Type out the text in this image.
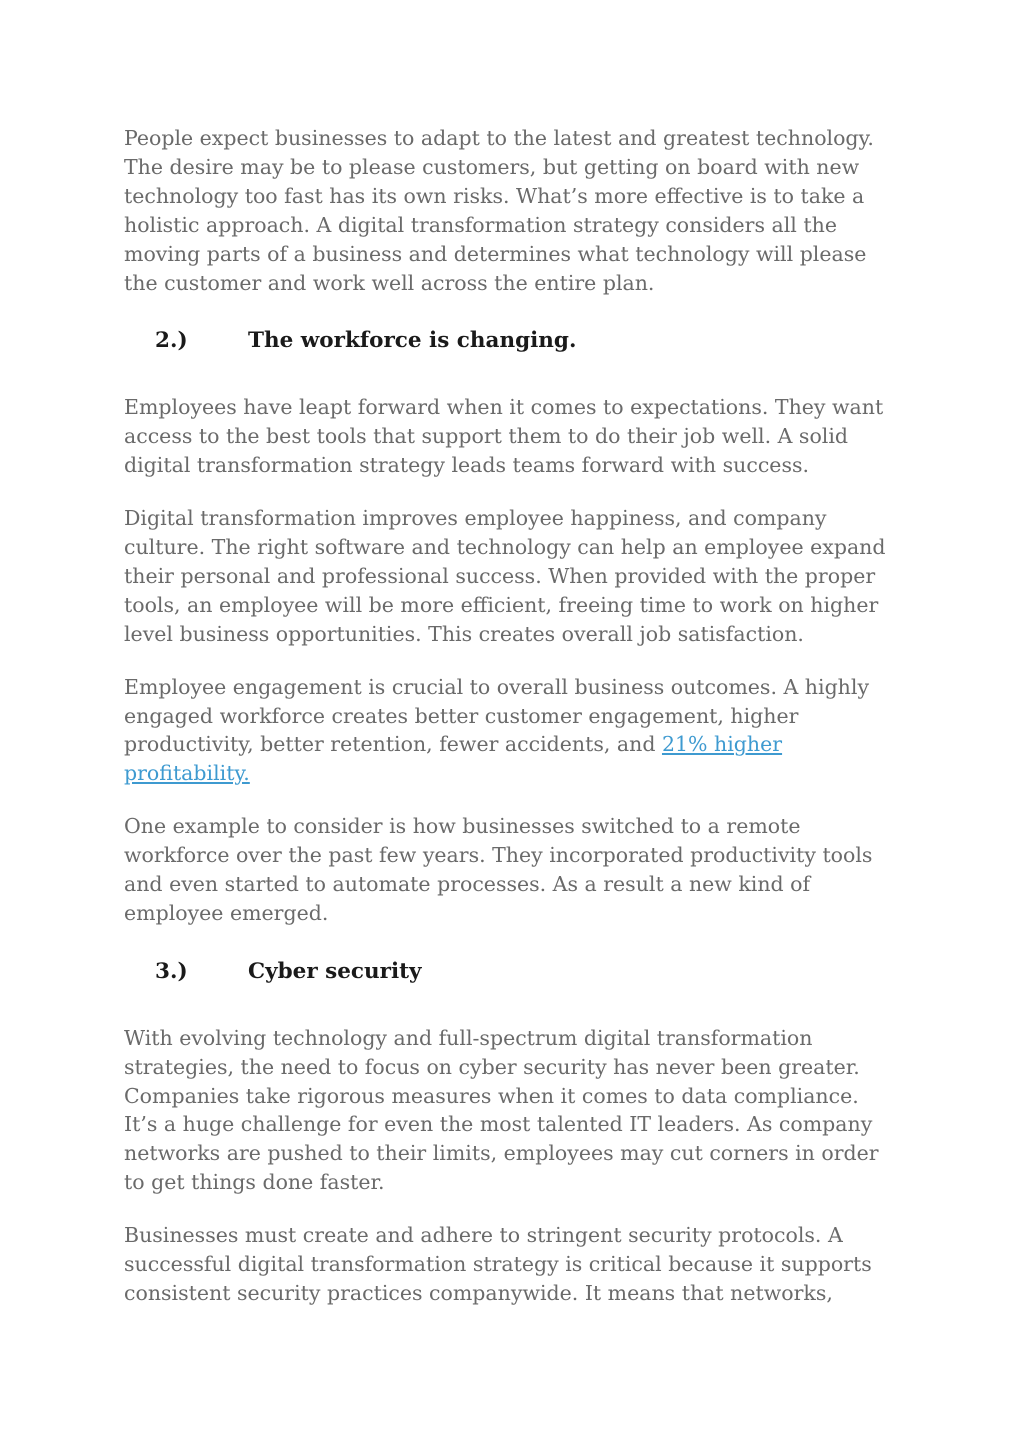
People expect businesses to adapt to the latest and greatest technology.
The desire may be to please customers, but getting on board with new
technology too fast has its own risks. What’s more effective is to take a
holistic approach. A digital transformation strategy considers all the
moving parts of a business and determines what technology will please
the customer and work well across the entire plan.

2.)	The workforce is changing.

Employees have leapt forward when it comes to expectations. They want
access to the best tools that support them to do their job well. A solid
digital transformation strategy leads teams forward with success.

Digital transformation improves employee happiness, and company
culture. The right software and technology can help an employee expand
their personal and professional success. When provided with the proper
tools, an employee will be more efficient, freeing time to work on higher
level business opportunities. This creates overall job satisfaction.

Employee engagement is crucial to overall business outcomes. A highly
engaged workforce creates better customer engagement, higher
productivity, better retention, fewer accidents, and 21% higher
profitability.

One example to consider is how businesses switched to a remote
workforce over the past few years. They incorporated productivity tools
and even started to automate processes. As a result a new kind of
employee emerged.

3.)	Cyber security

With evolving technology and full-spectrum digital transformation
strategies, the need to focus on cyber security has never been greater.
Companies take rigorous measures when it comes to data compliance.
It’s a huge challenge for even the most talented IT leaders. As company
networks are pushed to their limits, employees may cut corners in order
to get things done faster.

Businesses must create and adhere to stringent security protocols. A
successful digital transformation strategy is critical because it supports
consistent security practices companywide. It means that networks,
